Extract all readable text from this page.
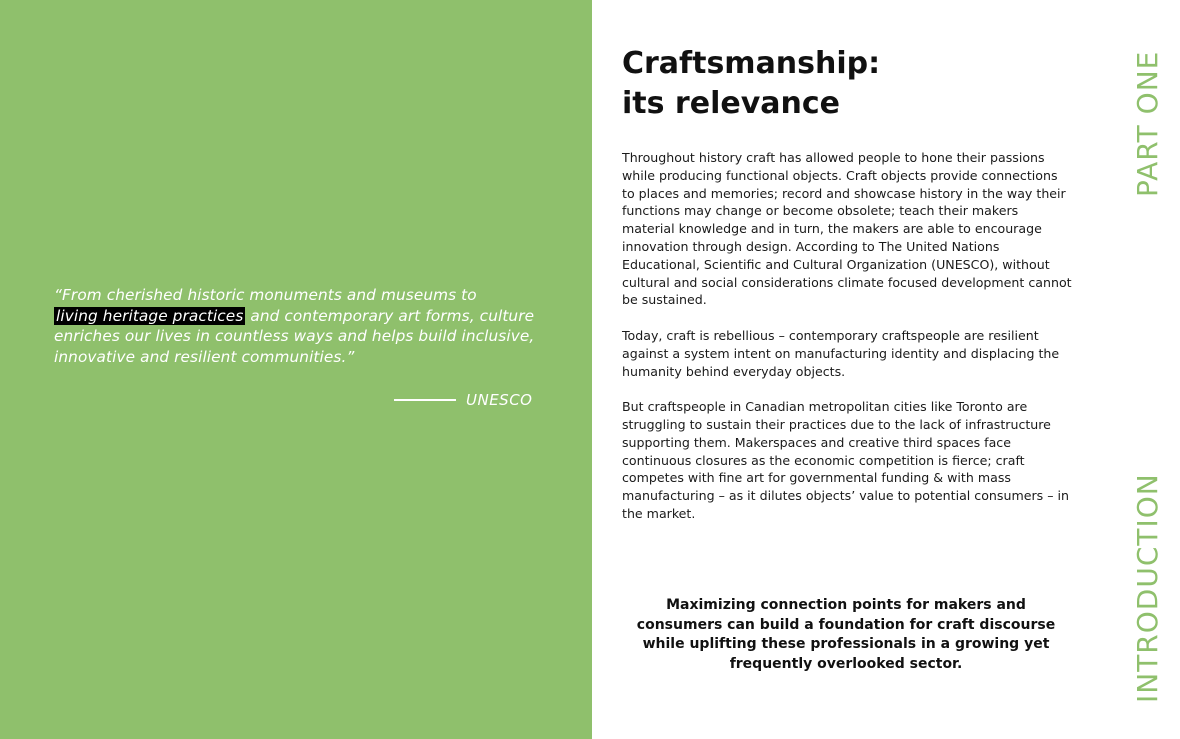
“From cherished historic monuments and museums to
living heritage practices and contemporary art forms, culture enriches our lives in countless ways and helps build inclusive, innovative and resilient communities.”
UNESCO
Craftsmanship:
its relevance

Throughout history craft has allowed people to hone their passions while producing functional objects. Craft objects provide connections to places and memories; record and showcase history in the way their functions may change or become obsolete; teach their makers material knowledge and in turn, the makers are able to encourage innovation through design. According to The United Nations Educational, Scientific and Cultural Organization (UNESCO), without cultural and social considerations climate focused development cannot be sustained.

Today, craft is rebellious – contemporary craftspeople are resilient against a system intent on manufacturing identity and displacing the humanity behind everyday objects.

But craftspeople in Canadian metropolitan cities like Toronto are struggling to sustain their practices due to the lack of infrastructure supporting them. Makerspaces and creative third spaces face continuous closures as the economic competition is fierce; craft competes with fine art for governmental funding & with mass manufacturing – as it dilutes objects’ value to potential consumers – in the market.

Maximizing connection points for makers and consumers can build a foundation for craft discourse while uplifting these professionals in a growing yet frequently overlooked sector.
PART ONE
INTRODUCTION
